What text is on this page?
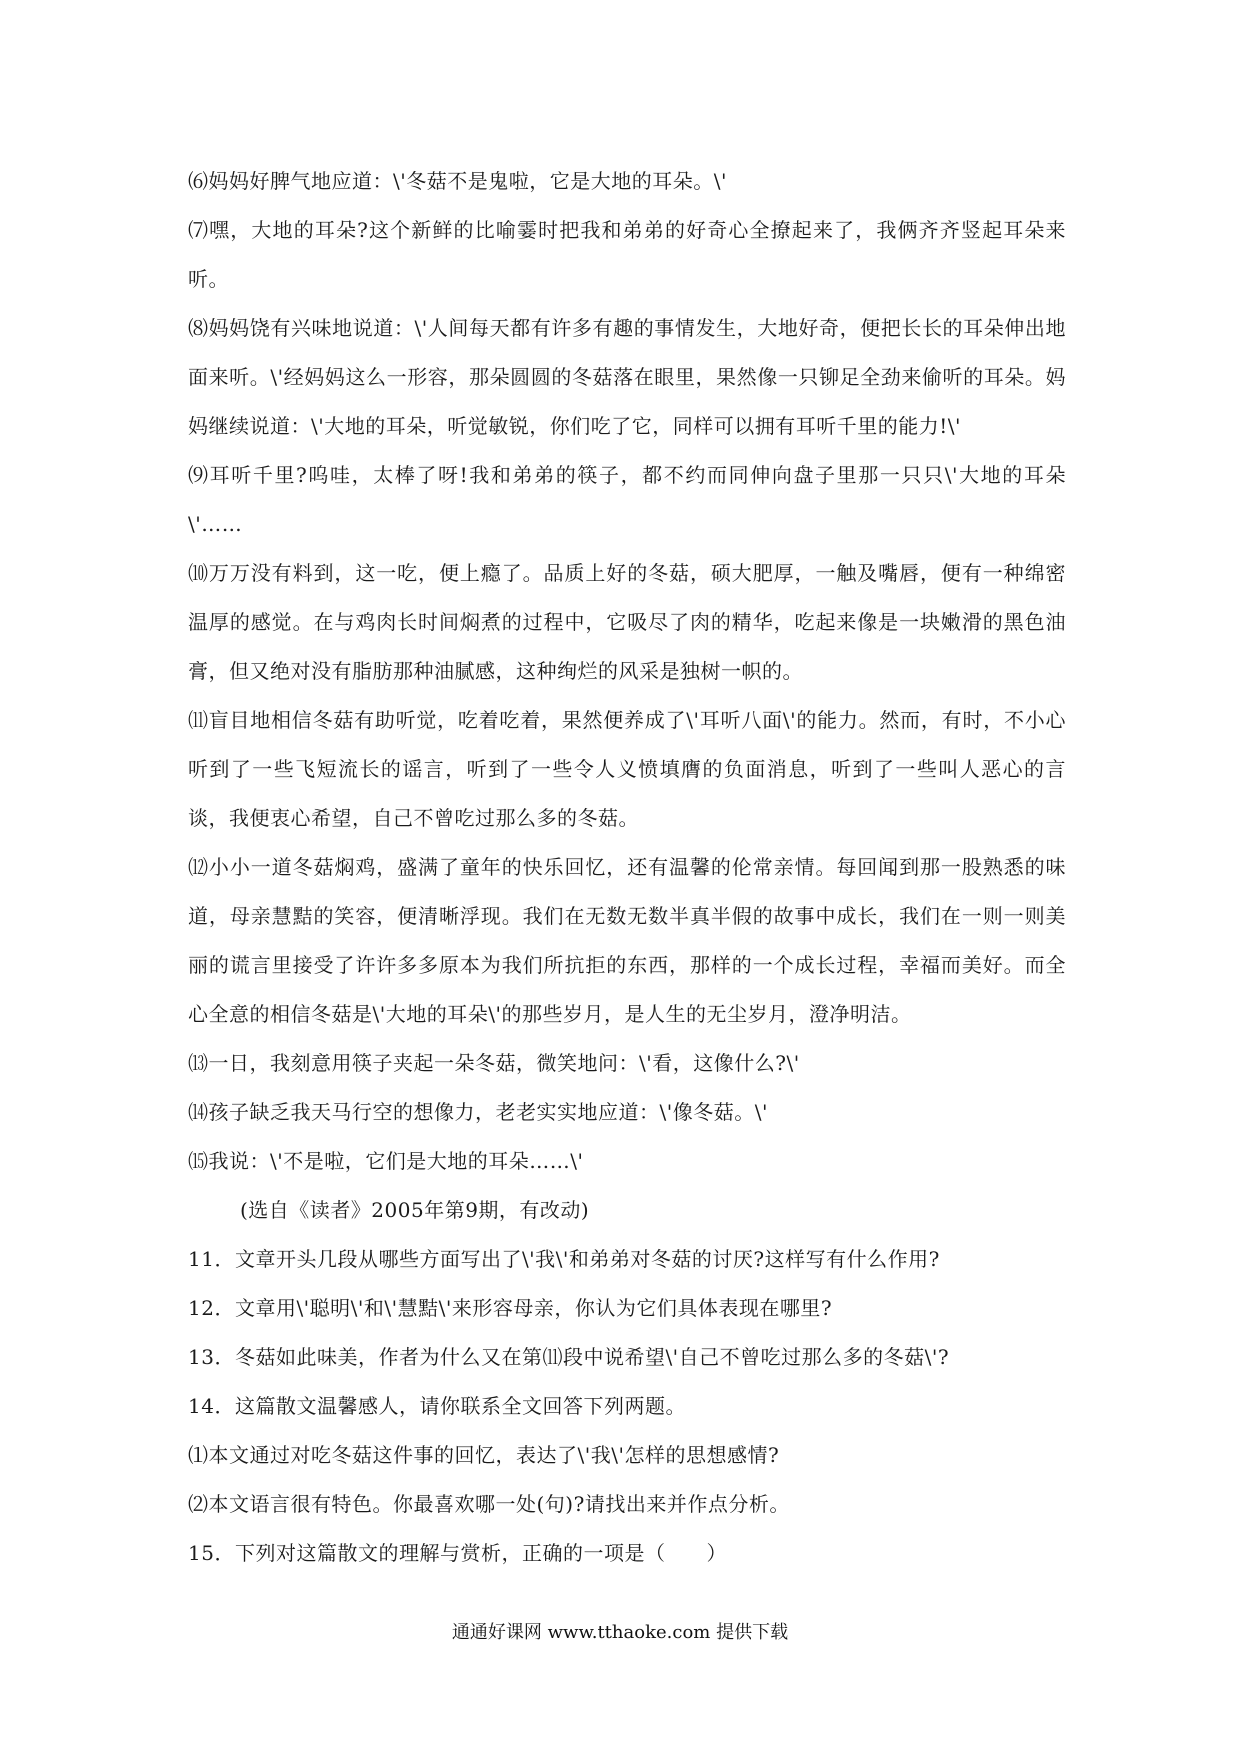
⑹妈妈好脾气地应道：\'冬菇不是鬼啦，它是大地的耳朵。\'

⑺嘿，大地的耳朵?这个新鲜的比喻霎时把我和弟弟的好奇心全撩起来了，我俩齐齐竖起耳朵来听。

⑻妈妈饶有兴味地说道：\'人间每天都有许多有趣的事情发生，大地好奇，便把长长的耳朵伸出地面来听。\'经妈妈这么一形容，那朵圆圆的冬菇落在眼里，果然像一只铆足全劲来偷听的耳朵。妈妈继续说道：\'大地的耳朵，听觉敏锐，你们吃了它，同样可以拥有耳听千里的能力!\'

⑼耳听千里?呜哇，太棒了呀!我和弟弟的筷子，都不约而同伸向盘子里那一只只\'大地的耳朵\'……

⑽万万没有料到，这一吃，便上瘾了。品质上好的冬菇，硕大肥厚，一触及嘴唇，便有一种绵密温厚的感觉。在与鸡肉长时间焖煮的过程中，它吸尽了肉的精华，吃起来像是一块嫩滑的黑色油膏，但又绝对没有脂肪那种油腻感，这种绚烂的风采是独树一帜的。

⑾盲目地相信冬菇有助听觉，吃着吃着，果然便养成了\'耳听八面\'的能力。然而，有时，不小心听到了一些飞短流长的谣言，听到了一些令人义愤填膺的负面消息，听到了一些叫人恶心的言谈，我便衷心希望，自己不曾吃过那么多的冬菇。

⑿小小一道冬菇焖鸡，盛满了童年的快乐回忆，还有温馨的伦常亲情。每回闻到那一股熟悉的味道，母亲慧黠的笑容，便清晰浮现。我们在无数无数半真半假的故事中成长，我们在一则一则美丽的谎言里接受了许许多多原本为我们所抗拒的东西，那样的一个成长过程，幸福而美好。而全心全意的相信冬菇是\'大地的耳朵\'的那些岁月，是人生的无尘岁月，澄净明洁。

⒀一日，我刻意用筷子夹起一朵冬菇，微笑地问：\'看，这像什么?\'

⒁孩子缺乏我天马行空的想像力，老老实实地应道：\'像冬菇。\'

⒂我说：\'不是啦，它们是大地的耳朵……\'

(选自《读者》2005年第9期，有改动)

11．文章开头几段从哪些方面写出了\'我\'和弟弟对冬菇的讨厌?这样写有什么作用?

12．文章用\'聪明\'和\'慧黠\'来形容母亲，你认为它们具体表现在哪里?

13．冬菇如此味美，作者为什么又在第⑾段中说希望\'自己不曾吃过那么多的冬菇\'?

14．这篇散文温馨感人，请你联系全文回答下列两题。

⑴本文通过对吃冬菇这件事的回忆，表达了\'我\'怎样的思想感情?

⑵本文语言很有特色。你最喜欢哪一处(句)?请找出来并作点分析。

15．下列对这篇散文的理解与赏析，正确的一项是（　　）

通通好课网 www.tthaoke.com 提供下载
